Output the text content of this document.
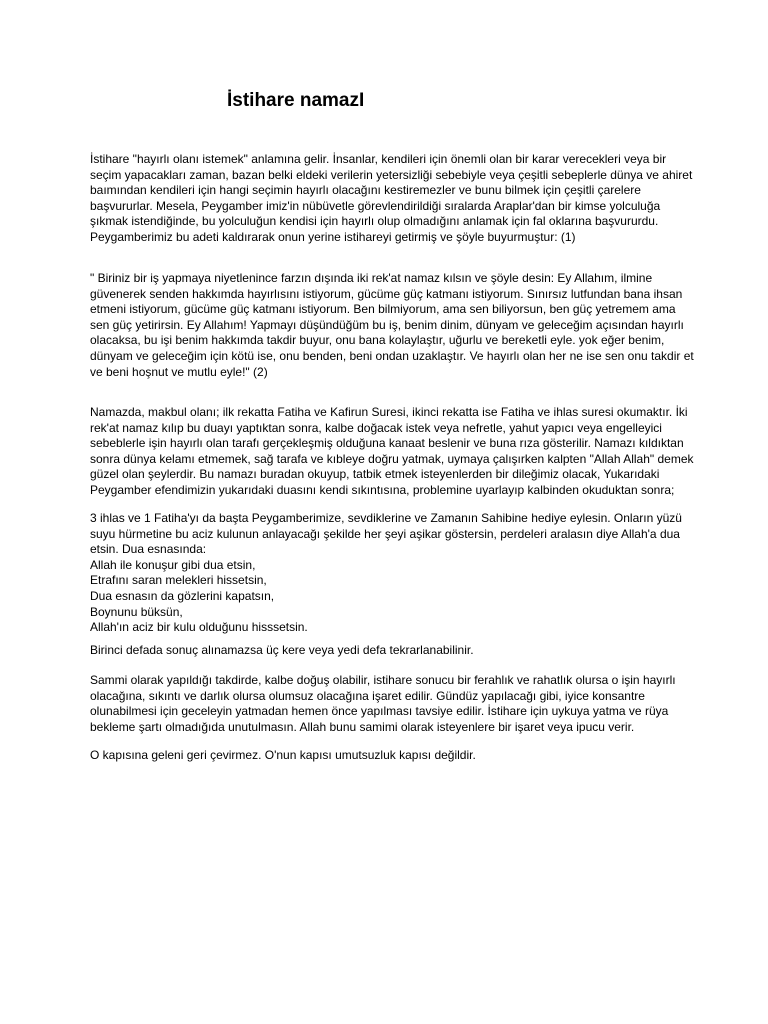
İstihare namazI
İstihare "hayırlı olanı istemek" anlamına gelir. İnsanlar, kendileri için önemli olan bir karar verecekleri veya bir
seçim yapacakları zaman, bazan belki eldeki verilerin yetersizliği sebebiyle veya çeşitli sebeplerle dünya ve ahiret
baımından kendileri için hangi seçimin hayırlı olacağını kestiremezler ve bunu bilmek için çeşitli çarelere
başvururlar. Mesela, Peygamber imiz'in nübüvetle görevlendirildiği sıralarda Araplar'dan bir kimse yolculuğa
şıkmak istendiğinde, bu yolculuğun kendisi için hayırlı olup olmadığını anlamak için fal oklarına başvururdu.
Peygamberimiz bu adeti kaldırarak onun yerine istihareyi getirmiş ve şöyle buyurmuştur: (1)
" Biriniz bir iş yapmaya niyetlenince farzın dışında iki rek'at namaz kılsın ve şöyle desin: Ey Allahım, ilmine
güvenerek senden hakkımda hayırlısını istiyorum, gücüme güç katmanı istiyorum. Sınırsız lutfundan bana ihsan
etmeni istiyorum, gücüme güç katmanı istiyorum. Ben bilmiyorum, ama sen biliyorsun, ben güç yetremem ama
sen güç yetirirsin. Ey Allahım! Yapmayı düşündüğüm bu iş, benim dinim, dünyam ve geleceğim açısından hayırlı
olacaksa, bu işi benim hakkımda takdir buyur, onu bana kolaylaştır, uğurlu ve bereketli eyle. yok eğer benim,
dünyam ve geleceğim için kötü ise, onu benden, beni ondan uzaklaştır. Ve hayırlı olan her ne ise sen onu takdir et
ve beni hoşnut ve mutlu eyle!" (2)
Namazda, makbul olanı; ilk rekatta Fatiha ve Kafirun Suresi, ikinci rekatta ise Fatiha ve ihlas suresi okumaktır. İki
rek'at namaz kılıp bu duayı yaptıktan sonra, kalbe doğacak istek veya nefretle, yahut yapıcı veya engelleyici
sebeblerle işin hayırlı olan tarafı gerçekleşmiş olduğuna kanaat beslenir ve buna rıza gösterilir. Namazı kıldıktan
sonra dünya kelamı etmemek, sağ tarafa ve kıbleye doğru yatmak, uymaya çalışırken kalpten "Allah Allah" demek
güzel olan şeylerdir. Bu namazı buradan okuyup, tatbik etmek isteyenlerden bir dileğimiz olacak, Yukarıdaki
Peygamber efendimizin yukarıdaki duasını kendi sıkıntısına, problemine uyarlayıp kalbinden okuduktan sonra;
3 ihlas ve 1 Fatiha'yı da başta Peygamberimize, sevdiklerine ve Zamanın Sahibine hediye eylesin. Onların yüzü
suyu hürmetine bu aciz kulunun anlayacağı şekilde her şeyi aşikar göstersin, perdeleri aralasın diye Allah'a dua
etsin. Dua esnasında:
Allah ile konuşur gibi dua etsin,
Etrafını saran melekleri hissetsin,
Dua esnasın da gözlerini kapatsın,
Boynunu büksün,
Allah'ın aciz bir kulu olduğunu hisssetsin.
Birinci defada sonuç alınamazsa üç kere veya yedi defa tekrarlanabilinir.
Sammi olarak yapıldığı takdirde, kalbe doğuş olabilir, istihare sonucu bir ferahlık ve rahatlık olursa o işin hayırlı
olacağına, sıkıntı ve darlık olursa olumsuz olacağına işaret edilir. Gündüz yapılacağı gibi, iyice konsantre
olunabilmesi için geceleyin yatmadan hemen önce yapılması tavsiye edilir. İstihare için uykuya yatma ve rüya
bekleme şartı olmadığıda unutulmasın. Allah bunu samimi olarak isteyenlere bir işaret veya ipucu verir.
O kapısına geleni geri çevirmez. O'nun kapısı umutsuzluk kapısı değildir.
